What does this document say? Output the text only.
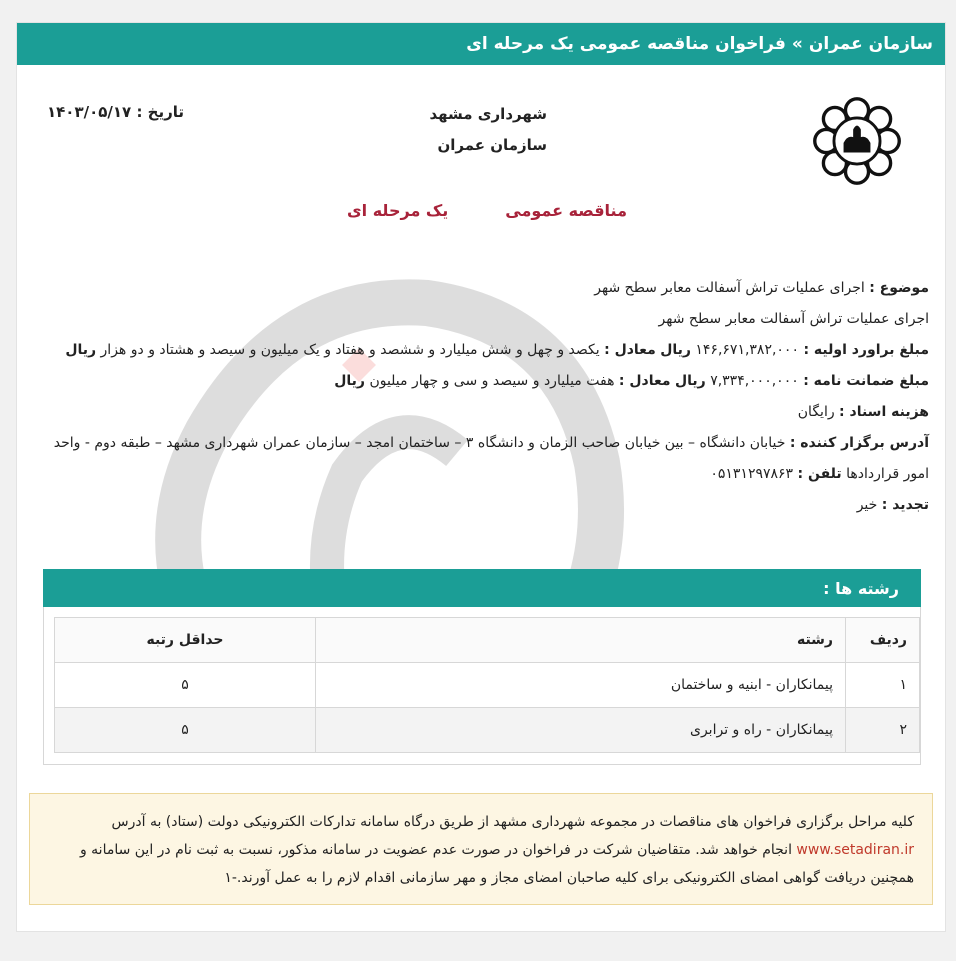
سازمان عمران
»
فراخوان مناقصه عمومی یک مرحله ای
تاریخ : ۱۴۰۳/۰۵/۱۷	شهرداری مشهد
سازمان عمران
مناقصه عمومی
یک مرحله ای
موضوع : اجرای عملیات تراش آسفالت معابر سطح شهر
اجرای عملیات تراش آسفالت معابر سطح شهر
مبلغ براورد اولیه : ۱۴۶,۶۷۱,۳۸۲,۰۰۰ ریال معادل : یکصد و چهل و شش میلیارد و ششصد و هفتاد و یک میلیون و سیصد و هشتاد و دو هزار ریال
مبلغ ضمانت نامه : ۷,۳۳۴,۰۰۰,۰۰۰ ریال معادل : هفت میلیارد و سیصد و سی و چهار میلیون ریال
هزینه اسناد : رایگان
آدرس برگزار کننده : خیابان دانشگاه – بین خیابان صاحب الزمان و دانشگاه ۳ – ساختمان امجد – سازمان عمران شهرداری مشهد – طبقه دوم - واحد امور قراردادها تلفن : ۰۵۱۳۱۲۹۷۸۶۳
تجدید : خیر
رشته ها :
ردیف	رشته	حداقل رتبه
۱	پیمانکاران - ابنیه و ساختمان	۵
۲	پیمانکاران - راه و ترابری	۵
کلیه مراحل برگزاری فراخوان های مناقصات در مجموعه شهرداری مشهد از طریق درگاه سامانه تدارکات الکترونیکی دولت (ستاد) به آدرس www.setadiran.ir انجام خواهد شد. متقاضیان شرکت در فراخوان در صورت عدم عضویت در سامانه مذکور، نسبت به ثبت نام در این سامانه و همچنین دریافت گواهی امضای الکترونیکی برای کلیه صاحبان امضای مجاز و مهر سازمانی اقدام لازم را به عمل آورند.-۱
